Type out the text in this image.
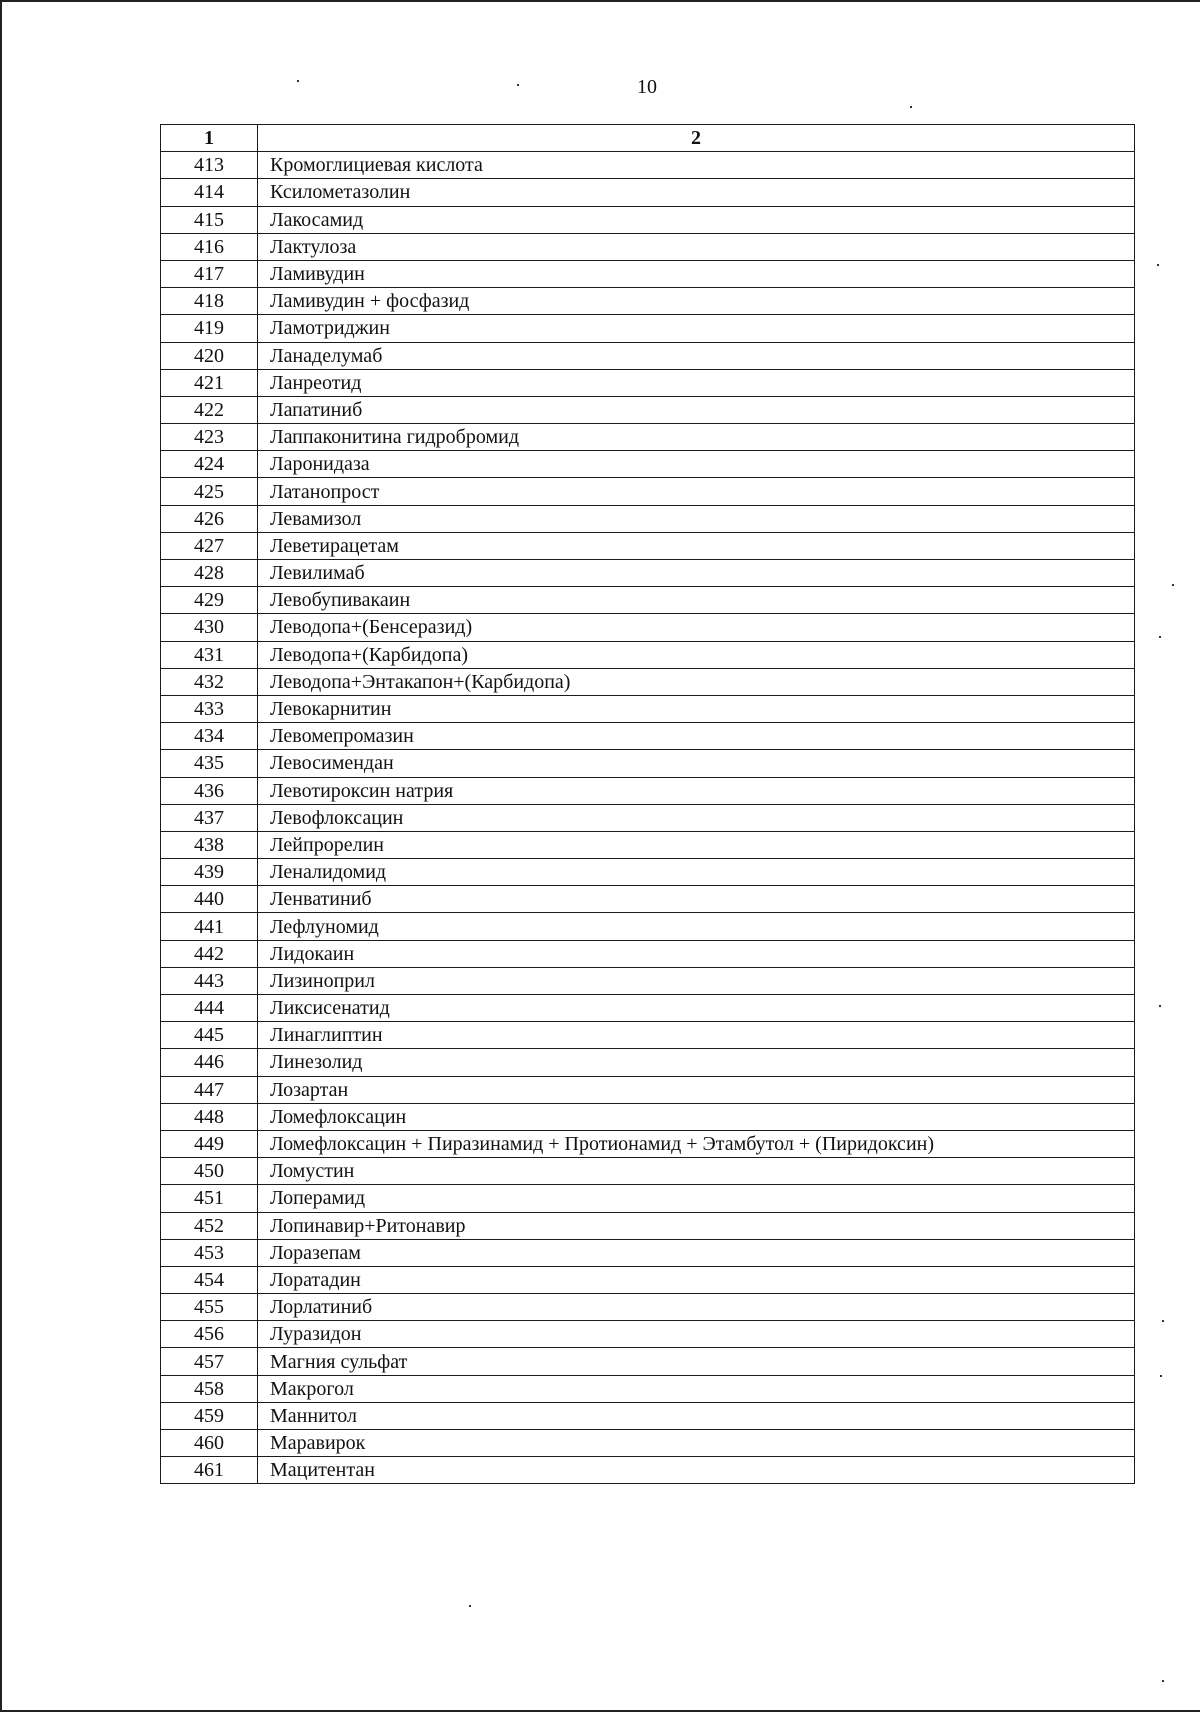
10
1	2
413	Кромоглициевая кислота
414	Ксилометазолин
415	Лакосамид
416	Лактулоза
417	Ламивудин
418	Ламивудин + фосфазид
419	Ламотриджин
420	Ланаделумаб
421	Ланреотид
422	Лапатиниб
423	Лаппаконитина гидробромид
424	Ларонидаза
425	Латанопрост
426	Левамизол
427	Леветирацетам
428	Левилимаб
429	Левобупивакаин
430	Леводопа+(Бенсеразид)
431	Леводопа+(Карбидопа)
432	Леводопа+Энтакапон+(Карбидопа)
433	Левокарнитин
434	Левомепромазин
435	Левосимендан
436	Левотироксин натрия
437	Левофлоксацин
438	Лейпрорелин
439	Леналидомид
440	Ленватиниб
441	Лефлуномид
442	Лидокаин
443	Лизиноприл
444	Ликсисенатид
445	Линаглиптин
446	Линезолид
447	Лозартан
448	Ломефлоксацин
449	Ломефлоксацин + Пиразинамид + Протионамид + Этамбутол + (Пиридоксин)
450	Ломустин
451	Лоперамид
452	Лопинавир+Ритонавир
453	Лоразепам
454	Лоратадин
455	Лорлатиниб
456	Луразидон
457	Магния сульфат
458	Макрогол
459	Маннитол
460	Маравирок
461	Мацитентан
